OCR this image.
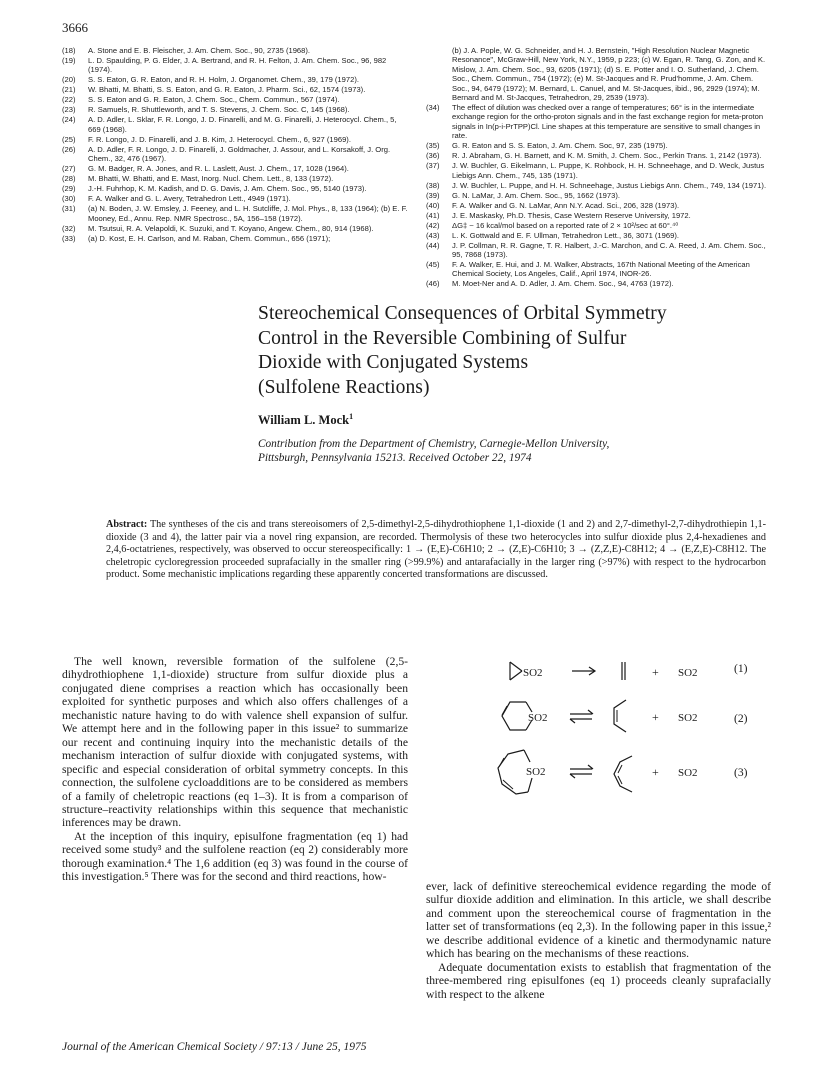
3666
(18)	A. Stone and E. B. Fleischer, J. Am. Chem. Soc., 90, 2735 (1968).
(19)	L. D. Spaulding, P. G. Elder, J. A. Bertrand, and R. H. Felton, J. Am. Chem. Soc., 96, 982 (1974).
(20)	S. S. Eaton, G. R. Eaton, and R. H. Holm, J. Organomet. Chem., 39, 179 (1972).
(21)	W. Bhatti, M. Bhatti, S. S. Eaton, and G. R. Eaton, J. Pharm. Sci., 62, 1574 (1973).
(22)	S. S. Eaton and G. R. Eaton, J. Chem. Soc., Chem. Commun., 567 (1974).
(23)	R. Samuels, R. Shuttleworth, and T. S. Stevens, J. Chem. Soc. C, 145 (1968).
(24)	A. D. Adler, L. Sklar, F. R. Longo, J. D. Finarelli, and M. G. Finarelli, J. Heterocycl. Chem., 5, 669 (1968).
(25)	F. R. Longo, J. D. Finarelli, and J. B. Kim, J. Heterocycl. Chem., 6, 927 (1969).
(26)	A. D. Adler, F. R. Longo, J. D. Finarelli, J. Goldmacher, J. Assour, and L. Korsakoff, J. Org. Chem., 32, 476 (1967).
(27)	G. M. Badger, R. A. Jones, and R. L. Laslett, Aust. J. Chem., 17, 1028 (1964).
(28)	M. Bhatti, W. Bhatti, and E. Mast, Inorg. Nucl. Chem. Lett., 8, 133 (1972).
(29)	J.-H. Fuhrhop, K. M. Kadish, and D. G. Davis, J. Am. Chem. Soc., 95, 5140 (1973).
(30)	F. A. Walker and G. L. Avery, Tetrahedron Lett., 4949 (1971).
(31)	(a) N. Boden, J. W. Emsley, J. Feeney, and L. H. Sutcliffe, J. Mol. Phys., 8, 133 (1964); (b) E. F. Mooney, Ed., Annu. Rep. NMR Spectrosc., 5A, 156–158 (1972).
(32)	M. Tsutsui, R. A. Velapoldi, K. Suzuki, and T. Koyano, Angew. Chem., 80, 914 (1968).
(33)	(a) D. Kost, E. H. Carlson, and M. Raban, Chem. Commun., 656 (1971);
(b) J. A. Pople, W. G. Schneider, and H. J. Bernstein, "High Resolution Nuclear Magnetic Resonance", McGraw-Hill, New York, N.Y., 1959, p 223; (c) W. Egan, R. Tang, G. Zon, and K. Mislow, J. Am. Chem. Soc., 93, 6205 (1971); (d) S. E. Potter and I. O. Sutherland, J. Chem. Soc., Chem. Commun., 754 (1972); (e) M. St-Jacques and R. Prud'homme, J. Am. Chem. Soc., 94, 6479 (1972); M. Bernard, L. Canuel, and M. St-Jacques, ibid., 96, 2929 (1974); M. Bernard and M. St-Jacques, Tetrahedron, 29, 2539 (1973).
(34)	The effect of dilution was checked over a range of temperatures; 66° is in the intermediate exchange region for the ortho-proton signals and in the fast exchange region for meta-proton signals in In(p-i-PrTPP)Cl. Line shapes at this temperature are sensitive to small changes in rate.
(35)	G. R. Eaton and S. S. Eaton, J. Am. Chem. Soc, 97, 235 (1975).
(36)	R. J. Abraham, G. H. Barnett, and K. M. Smith, J. Chem. Soc., Perkin Trans. 1, 2142 (1973).
(37)	J. W. Buchler, G. Eikelmann, L. Puppe, K. Rohbock, H. H. Schneehage, and D. Weck, Justus Liebigs Ann. Chem., 745, 135 (1971).
(38)	J. W. Buchler, L. Puppe, and H. H. Schneehage, Justus Liebigs Ann. Chem., 749, 134 (1971).
(39)	G. N. LaMar, J. Am. Chem. Soc., 95, 1662 (1973).
(40)	F. A. Walker and G. N. LaMar, Ann N.Y. Acad. Sci., 206, 328 (1973).
(41)	J. E. Maskasky, Ph.D. Thesis, Case Western Reserve University, 1972.
(42)	ΔG‡ ~ 16 kcal/mol based on a reported rate of 2 × 10²/sec at 60°.⁴⁰
(43)	L. K. Gottwald and E. F. Ullman, Tetrahedron Lett., 36, 3071 (1969).
(44)	J. P. Collman, R. R. Gagne, T. R. Halbert, J.-C. Marchon, and C. A. Reed, J. Am. Chem. Soc., 95, 7868 (1973).
(45)	F. A. Walker, E. Hui, and J. M. Walker, Abstracts, 167th National Meeting of the American Chemical Society, Los Angeles, Calif., April 1974, INOR-26.
(46)	M. Moet-Ner and A. D. Adler, J. Am. Chem. Soc., 94, 4763 (1972).
Stereochemical Consequences of Orbital Symmetry
Control in the Reversible Combining of Sulfur
Dioxide with Conjugated Systems
(Sulfolene Reactions)
William L. Mock$^1$
Contribution from the Department of Chemistry, Carnegie-Mellon University,
Pittsburgh, Pennsylvania 15213. Received October 22, 1974
Abstract: The syntheses of the cis and trans stereoisomers of 2,5-dimethyl-2,5-dihydrothiophene 1,1-dioxide (1 and 2) and 2,7-dimethyl-2,7-dihydrothiepin 1,1-dioxide (3 and 4), the latter pair via a novel ring expansion, are recorded. Thermolysis of these two heterocycles into sulfur dioxide plus 2,4-hexadienes and 2,4,6-octatrienes, respectively, was observed to occur stereospecifically: 1 → (E,E)-C6H10; 2 → (Z,E)-C6H10; 3 → (Z,Z,E)-C8H12; 4 → (E,Z,E)-C8H12. The cheletropic cycloregression proceeded suprafacially in the smaller ring (>99.9%) and antarafacially in the larger ring (>97%) with respect to the hydrocarbon product. Some mechanistic implications regarding these apparently concerted transformations are discussed.

The well known, reversible formation of the sulfolene (2,5-dihydrothiophene 1,1-dioxide) structure from sulfur dioxide plus a conjugated diene comprises a reaction which has occasionally been exploited for synthetic purposes and which also offers challenges of a mechanistic nature having to do with valence shell expansion of sulfur. We attempt here and in the following paper in this issue² to summarize our recent and continuing inquiry into the mechanistic details of the mechanism interaction of sulfur dioxide with conjugated systems, with specific and especial consideration of orbital symmetry concepts. In this connection, the sulfolene cycloadditions are to be considered as members of a family of cheletropic reactions (eq 1–3). It is from a comparison of structure–reactivity relationships within this sequence that mechanistic inferences may be drawn.

At the inception of this inquiry, episulfone fragmentation (eq 1) had received some study³ and the sulfolene reaction (eq 2) considerably more thorough examination.⁴ The 1,6 addition (eq 3) was found in the course of this investigation.⁵ There was for the second and third reactions, how-

SO2	+ SO2	(1)
SO2	+ SO2	(2)
SO2	+ SO2	(3)

ever, lack of definitive stereochemical evidence regarding the mode of sulfur dioxide addition and elimination. In this article, we shall describe and comment upon the stereochemical course of fragmentation in the latter set of transformations (eq 2,3). In the following paper in this issue,² we describe additional evidence of a kinetic and thermodynamic nature which has bearing on the mechanisms of these reactions.

Adequate documentation exists to establish that fragmentation of the three-membered ring episulfones (eq 1) proceeds cleanly suprafacially with respect to the alkene

Journal of the American Chemical Society / 97:13 / June 25, 1975
